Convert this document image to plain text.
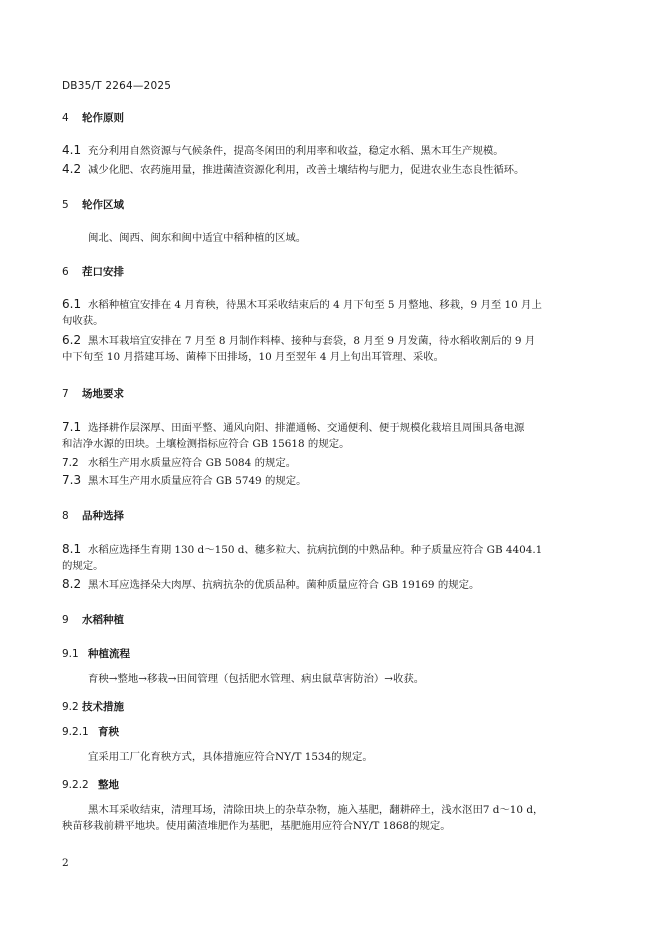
DB35/T 2264—2025
4 轮作原则
4.1 充分利用自然资源与气候条件，提高冬闲田的利用率和收益，稳定水稻、黑木耳生产规模。
4.2 减少化肥、农药施用量，推进菌渣资源化利用，改善土壤结构与肥力，促进农业生态良性循环。
5 轮作区域
闽北、闽西、闽东和闽中适宜中稻种植的区域。
6 茬口安排
6.1 水稻种植宜安排在 4 月育秧，待黑木耳采收结束后的 4 月下旬至 5 月整地、移栽，9 月至 10 月上
旬收获。
6.2 黑木耳栽培宜安排在 7 月至 8 月制作料棒、接种与套袋，8 月至 9 月发菌，待水稻收割后的 9 月
中下旬至 10 月搭建耳场、菌棒下田排场，10 月至翌年 4 月上旬出耳管理、采收。
7 场地要求
7.1 选择耕作层深厚、田面平整、通风向阳、排灌通畅、交通便利、便于规模化栽培且周围具备电源
和洁净水源的田块。土壤检测指标应符合 GB 15618 的规定。
7.2 水稻生产用水质量应符合 GB 5084 的规定。
7.3 黑木耳生产用水质量应符合 GB 5749 的规定。
8 品种选择
8.1 水稻应选择生育期 130 d～150 d、穗多粒大、抗病抗倒的中熟品种。种子质量应符合 GB 4404.1
的规定。
8.2 黑木耳应选择朵大肉厚、抗病抗杂的优质品种。菌种质量应符合 GB 19169 的规定。
9 水稻种植
9.1 种植流程
育秧→整地→移栽→田间管理（包括肥水管理、病虫鼠草害防治）→收获。
9.2 技术措施
9.2.1 育秧
宜采用工厂化育秧方式，具体措施应符合NY/T 1534的规定。
9.2.2 整地
黑木耳采收结束，清理耳场，清除田块上的杂草杂物，施入基肥，翻耕碎土，浅水沤田7 d～10 d，
秧苗移栽前耕平地块。使用菌渣堆肥作为基肥，基肥施用应符合NY/T 1868的规定。
2
